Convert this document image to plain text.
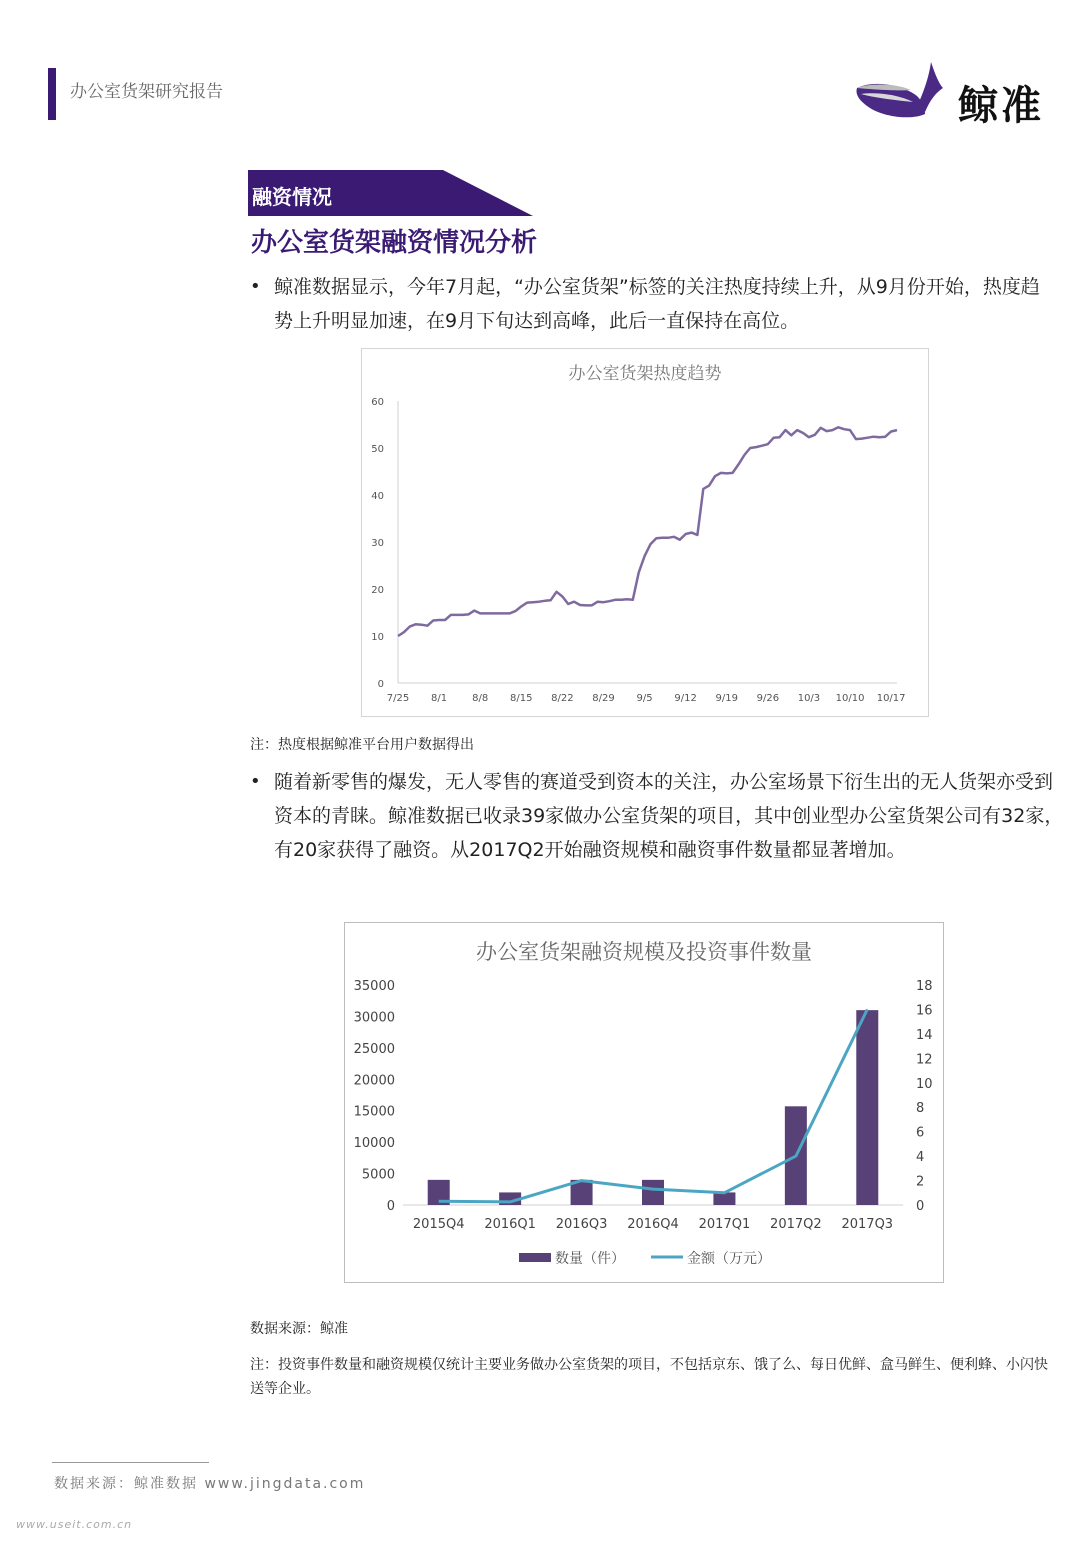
办公室货架研究报告	鲸准
融资情况
办公室货架融资情况分析
• 鲸准数据显示，今年7月起，“办公室货架”标签的关注热度持续上升，从9月份开始，热度趋势上升明显加速，在9月下旬达到高峰，此后一直保持在高位。
办公室货架热度趋势
0
10
20
30
40
50
60
7/25 8/1	8/8 8/15 8/22 8/29 9/5 9/12 9/19 9/26 10/3 10/10 10/17
注：热度根据鲸准平台用户数据得出
• 随着新零售的爆发，无人零售的赛道受到资本的关注，办公室场景下衍生出的无人货架亦受到资本的青睐。鲸准数据已收录39家做办公室货架的项目，其中创业型办公室货架公司有32家，有20家获得了融资。从2017Q2开始融资规模和融资事件数量都显著增加。
办公室货架融资规模及投资事件数量
0
5000
10000
15000
20000
25000
30000
35000
0
2
4
6
8
10
12
14
16
18
2015Q4 2016Q1 2016Q3 2016Q4 2017Q1 2017Q2 2017Q3
数量（件）	金额（万元）
数据来源：鲸准
注：投资事件数量和融资规模仅统计主要业务做办公室货架的项目，不包括京东、饿了么、每日优鲜、盒马鲜生、便利蜂、小闪快送等企业。
数据来源：鲸准数据 www.jingdata.com
www.useit.com.cn
